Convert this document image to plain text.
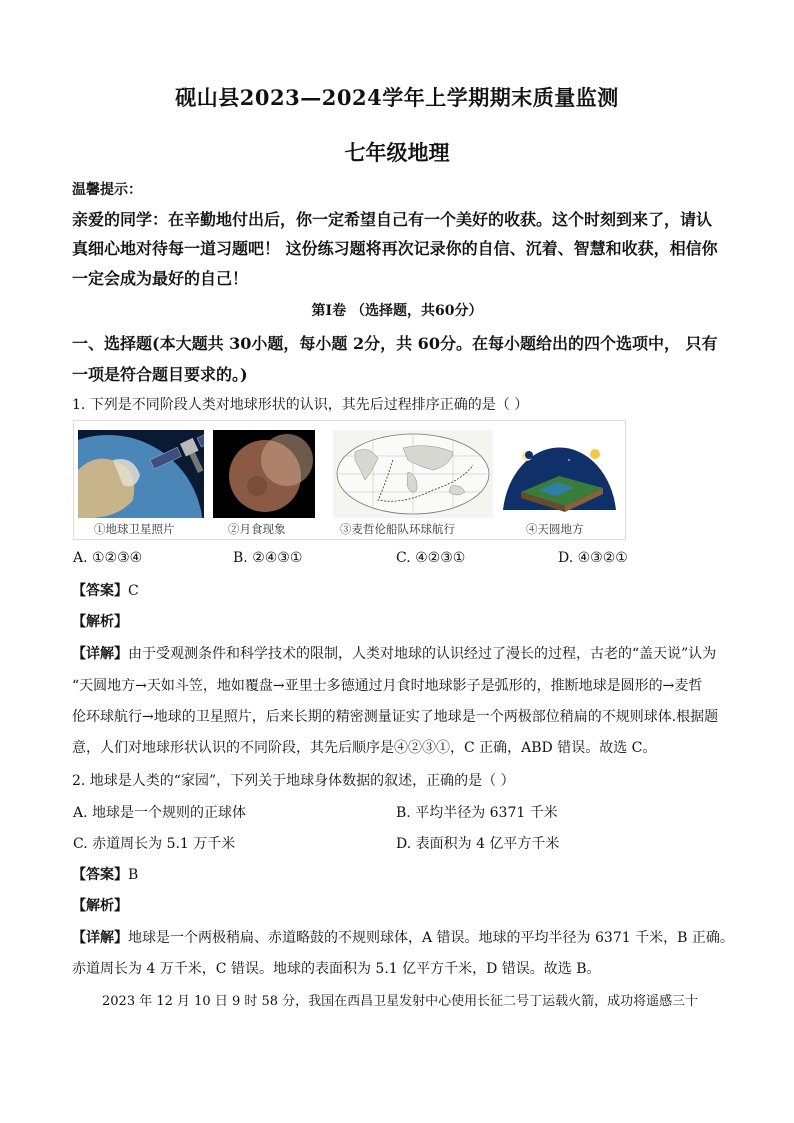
砚山县2023—2024学年上学期期末质量监测
七年级地理
温馨提示：
亲爱的同学：在辛勤地付出后，你一定希望自己有一个美好的收获。这个时刻到来了，请认
真细心地对待每一道习题吧！ 这份练习题将再次记录你的自信、沉着、智慧和收获，相信你
一定会成为最好的自己！
第Ⅰ卷 （选择题，共60分）
一、选择题(本大题共 30小题，每小题 2分，共 60分。在每小题给出的四个选项中， 只有
一项是符合题目要求的。)
1. 下列是不同阶段人类对地球形状的认识，其先后过程排序正确的是（ ）
①地球卫星照片	②月食现象	③麦哲伦船队环球航行	④天圆地方
A. ①②③④	B. ②④③①	C. ④②③①	D. ④③②①
【答案】C
【解析】
【详解】由于受观测条件和科学技术的限制，人类对地球的认识经过了漫长的过程，古老的“盖天说”认为
“天圆地方→天如斗笠，地如覆盘→亚里士多德通过月食时地球影子是弧形的，推断地球是圆形的→麦哲
伦环球航行→地球的卫星照片，后来长期的精密测量证实了地球是一个两极部位稍扁的不规则球体.根据题
意，人们对地球形状认识的不同阶段，其先后顺序是④②③①，C 正确，ABD 错误。故选 C。
2. 地球是人类的“家园”，下列关于地球身体数据的叙述，正确的是（ ）
A. 地球是一个规则的正球体	B. 平均半径为 6371 千米
C. 赤道周长为 5.1 万千米	D. 表面积为 4 亿平方千米
【答案】B
【解析】
【详解】地球是一个两极稍扁、赤道略鼓的不规则球体，A 错误。地球的平均半径为 6371 千米，B 正确。
赤道周长为 4 万千米，C 错误。地球的表面积为 5.1 亿平方千米，D 错误。故选 B。
2023 年 12 月 10 日 9 时 58 分，我国在西昌卫星发射中心使用长征二号丁运载火箭，成功将遥感三十
